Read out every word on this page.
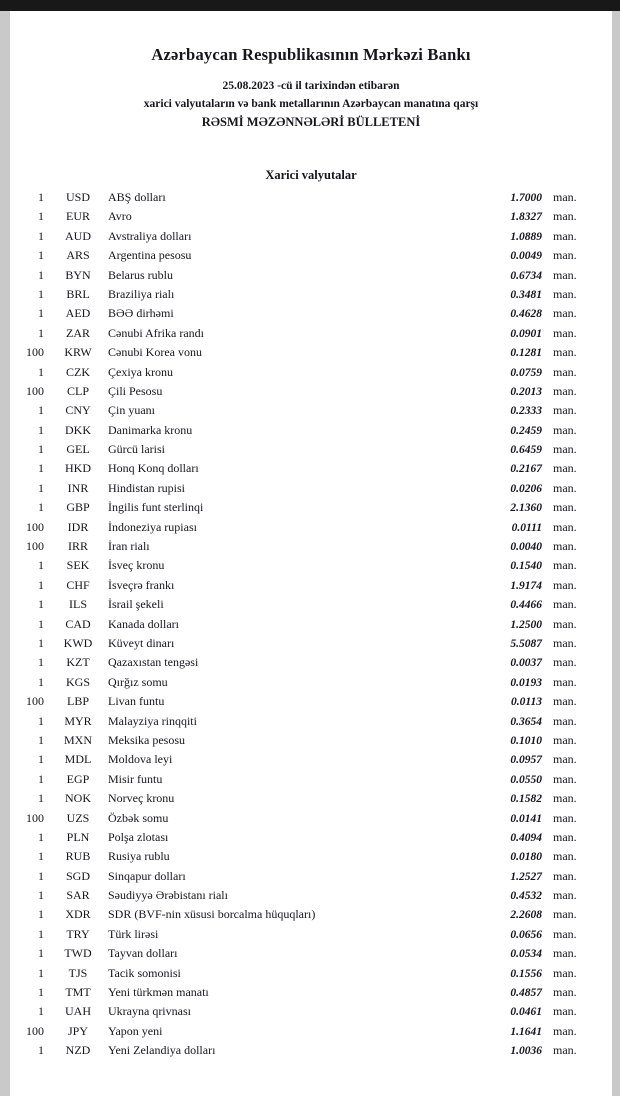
Azərbaycan Respublikasının Mərkəzi Bankı
25.08.2023 -cü il tarixindən etibarən
xarici valyutaların və bank metallarının Azərbaycan manatına qarşı
RƏSMİ MƏZƏNNƏLƏRİ BÜLLETENİ
Xarici valyutalar
1	USD	ABŞ dolları	1.7000 man.
1	EUR	Avro	1.8327 man.
1	AUD	Avstraliya dolları	1.0889 man.
1	ARS	Argentina pesosu	0.0049 man.
1	BYN	Belarus rublu	0.6734 man.
1	BRL	Braziliya rialı	0.3481 man.
1	AED	BƏƏ dirhəmi	0.4628 man.
1	ZAR	Cənubi Afrika randı	0.0901 man.
100	KRW	Cənubi Korea vonu	0.1281 man.
1	CZK	Çexiya kronu	0.0759 man.
100	CLP	Çili Pesosu	0.2013 man.
1	CNY	Çin yuanı	0.2333 man.
1	DKK	Danimarka kronu	0.2459 man.
1	GEL	Gürcü larisi	0.6459 man.
1	HKD	Honq Konq dolları	0.2167 man.
1	INR	Hindistan rupisi	0.0206 man.
1	GBP	İngilis funt sterlinqi	2.1360 man.
100	IDR	İndoneziya rupiası	0.0111 man.
100	IRR	İran rialı	0.0040 man.
1	SEK	İsveç kronu	0.1540 man.
1	CHF	İsveçrə frankı	1.9174 man.
1	ILS	İsrail şekeli	0.4466 man.
1	CAD	Kanada dolları	1.2500 man.
1	KWD	Küveyt dinarı	5.5087 man.
1	KZT	Qazaxıstan tengəsi	0.0037 man.
1	KGS	Qırğız somu	0.0193 man.
100	LBP	Livan funtu	0.0113 man.
1	MYR	Malayziya rinqqiti	0.3654 man.
1	MXN	Meksika pesosu	0.1010 man.
1	MDL	Moldova leyi	0.0957 man.
1	EGP	Misir funtu	0.0550 man.
1	NOK	Norveç kronu	0.1582 man.
100	UZS	Özbək somu	0.0141 man.
1	PLN	Polşa zlotası	0.4094 man.
1	RUB	Rusiya rublu	0.0180 man.
1	SGD	Sinqapur dolları	1.2527 man.
1	SAR	Səudiyyə Ərəbistanı rialı	0.4532 man.
1	XDR	SDR (BVF-nin xüsusi borcalma hüquqları)	2.2608 man.
1	TRY	Türk lirəsi	0.0656 man.
1	TWD	Tayvan dolları	0.0534 man.
1	TJS	Tacik somonisi	0.1556 man.
1	TMT	Yeni türkmən manatı	0.4857 man.
1	UAH	Ukrayna qrivnası	0.0461 man.
100	JPY	Yapon yeni	1.1641 man.
1	NZD	Yeni Zelandiya dolları	1.0036 man.
